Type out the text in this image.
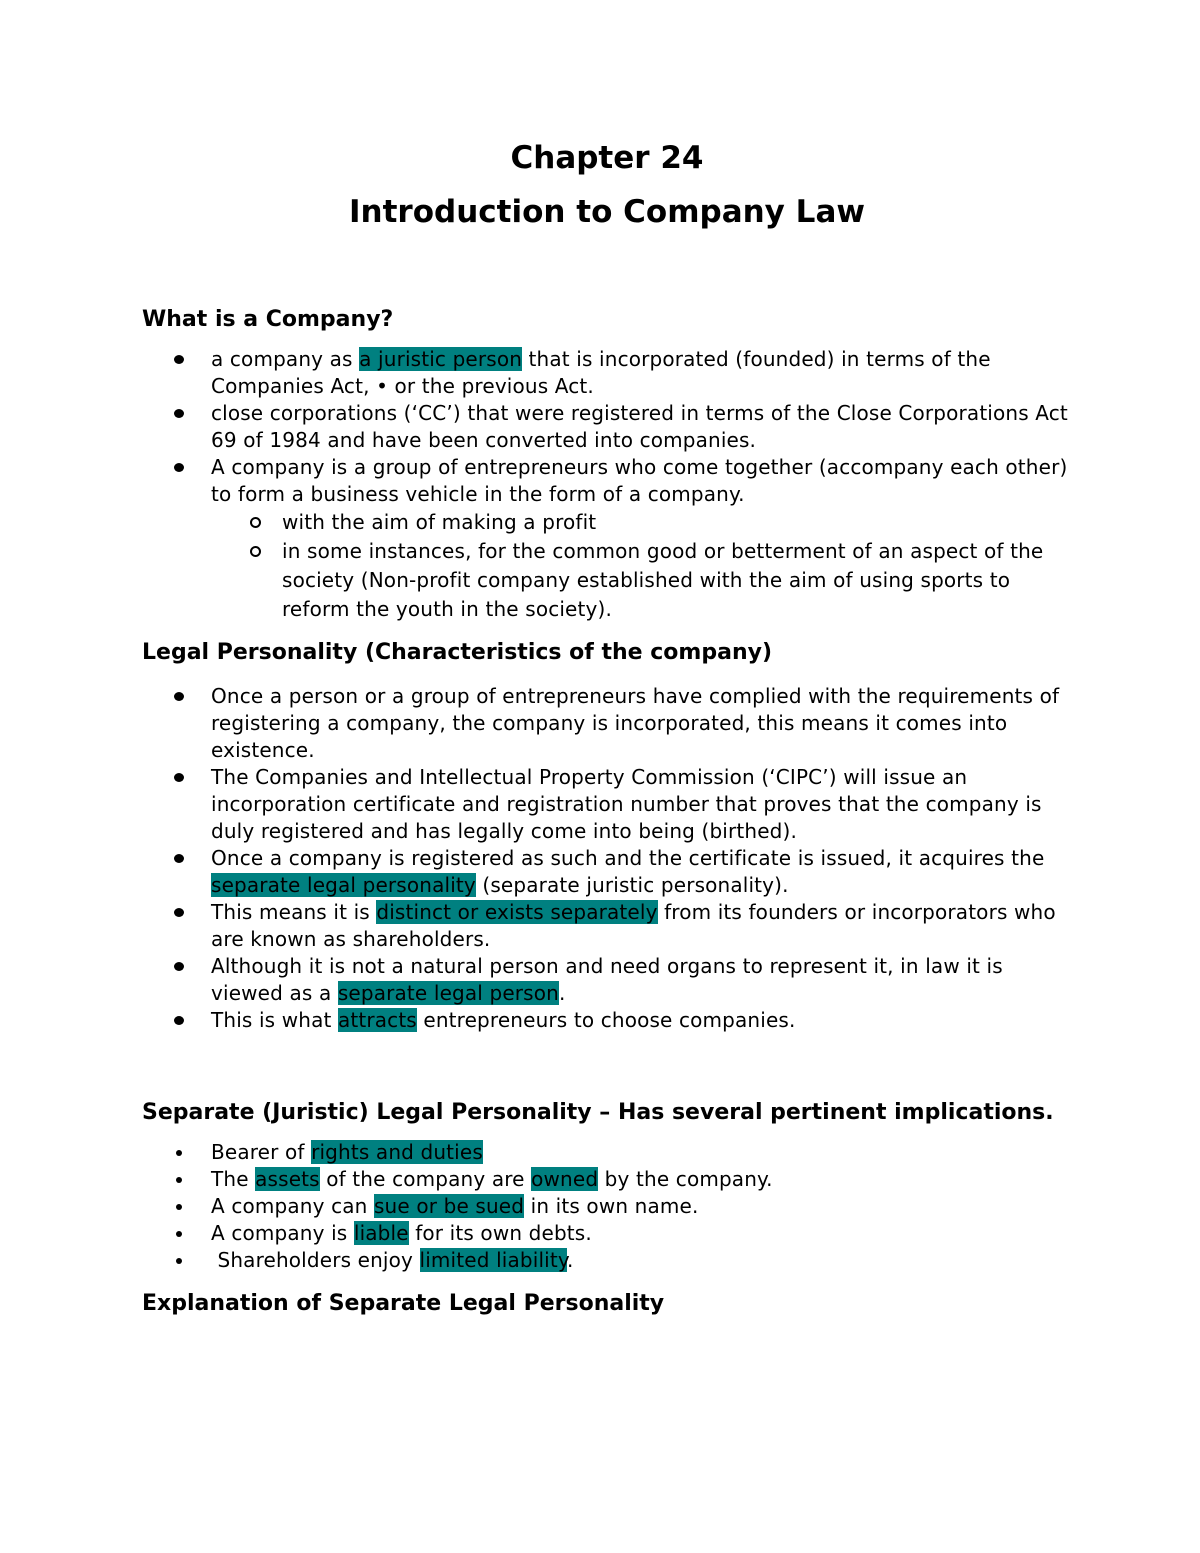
Chapter 24

Introduction to Company Law

What is a Company?
a company as a juristic person that is incorporated (founded) in terms of the Companies Act, • or the previous Act.
close corporations (‘CC’) that were registered in terms of the Close Corporations Act 69 of 1984 and have been converted into companies.
A company is a group of entrepreneurs who come together (accompany each other) to form a business vehicle in the form of a company.
with the aim of making a profit
in some instances, for the common good or betterment of an aspect of the society (Non-profit company established with the aim of using sports to reform the youth in the society).
Legal Personality (Characteristics of the company)
Once a person or a group of entrepreneurs have complied with the requirements of registering a company, the company is incorporated, this means it comes into existence.
The Companies and Intellectual Property Commission (‘CIPC’) will issue an incorporation certificate and registration number that proves that the company is duly registered and has legally come into being (birthed).
Once a company is registered as such and the certificate is issued, it acquires the separate legal personality (separate juristic personality).
This means it is distinct or exists separately from its founders or incorporators who are known as shareholders.
Although it is not a natural person and need organs to represent it, in law it is viewed as a separate legal person.
This is what attracts entrepreneurs to choose companies.
Separate (Juristic) Legal Personality – Has several pertinent implications.
Bearer of rights and duties
The assets of the company are owned by the company.
A company can sue or be sued in its own name.
A company is liable for its own debts.
Shareholders enjoy limited liability.
Explanation of Separate Legal Personality
